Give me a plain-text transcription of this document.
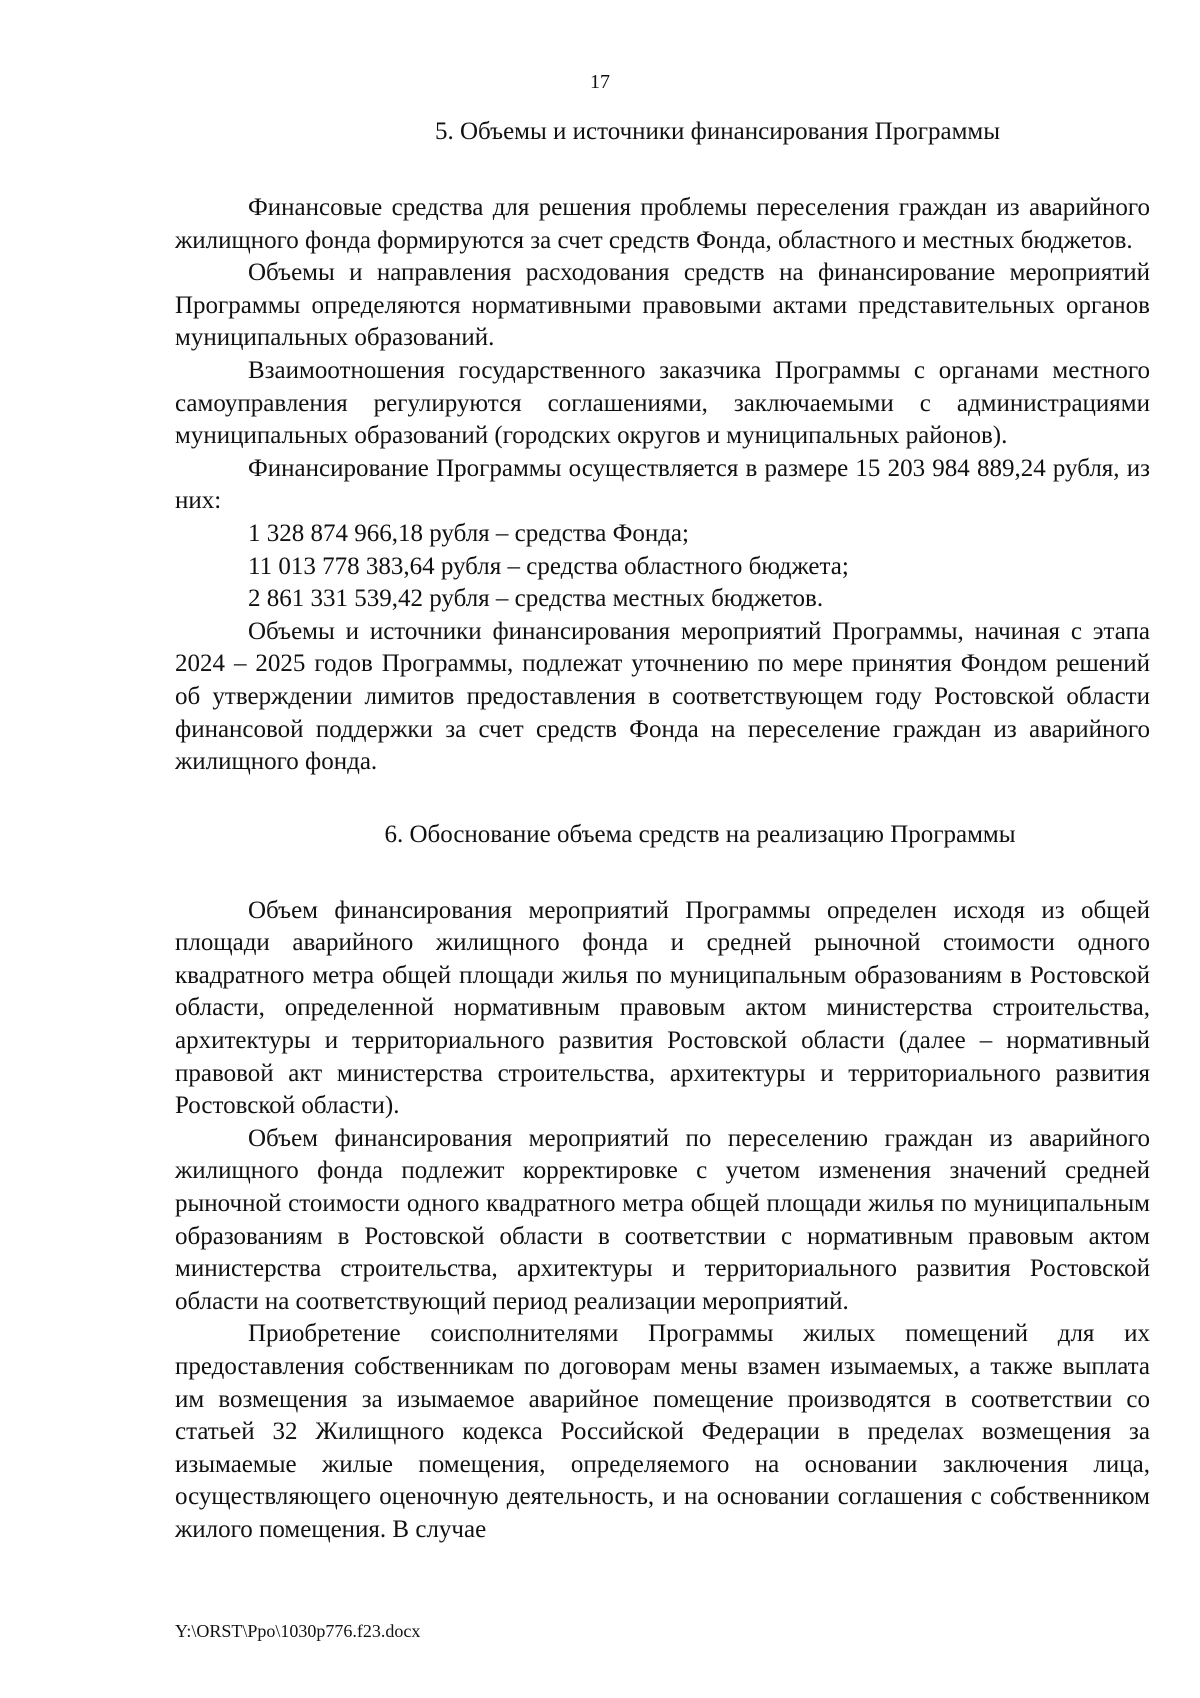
17
5. Объемы и источники финансирования Программы

Финансовые средства для решения проблемы переселения граждан из аварийного жилищного фонда формируются за счет средств Фонда, областного и местных бюджетов.

Объемы и направления расходования средств на финансирование мероприятий Программы определяются нормативными правовыми актами представительных органов муниципальных образований.

Взаимоотношения государственного заказчика Программы с органами местного самоуправления регулируются соглашениями, заключаемыми с администрациями муниципальных образований (городских округов и муниципальных районов).

Финансирование Программы осуществляется в размере 15 203 984 889,24 рубля, из них:

1 328 874 966,18 рубля – средства Фонда;

11 013 778 383,64 рубля – средства областного бюджета;

2 861 331 539,42 рубля – средства местных бюджетов.

Объемы и источники финансирования мероприятий Программы, начиная с этапа 2024 – 2025 годов Программы, подлежат уточнению по мере принятия Фондом решений об утверждении лимитов предоставления в соответствующем году Ростовской области финансовой поддержки за счет средств Фонда на переселение граждан из аварийного жилищного фонда.

6. Обоснование объема средств на реализацию Программы

Объем финансирования мероприятий Программы определен исходя из общей площади аварийного жилищного фонда и средней рыночной стоимости одного квадратного метра общей площади жилья по муниципальным образованиям в Ростовской области, определенной нормативным правовым актом министерства строительства, архитектуры и территориального развития Ростовской области (далее – нормативный правовой акт министерства строительства, архитектуры и территориального развития Ростовской области).

Объем финансирования мероприятий по переселению граждан из аварийного жилищного фонда подлежит корректировке с учетом изменения значений средней рыночной стоимости одного квадратного метра общей площади жилья по муниципальным образованиям в Ростовской области в соответствии с нормативным правовым актом министерства строительства, архитектуры и территориального развития Ростовской области на соответствующий период реализации мероприятий.

Приобретение соисполнителями Программы жилых помещений для их предоставления собственникам по договорам мены взамен изымаемых, а также выплата им возмещения за изымаемое аварийное помещение производятся в соответствии со статьей 32 Жилищного кодекса Российской Федерации в пределах возмещения за изымаемые жилые помещения, определяемого на основании заключения лица, осуществляющего оценочную деятельность, и на основании соглашения с собственником жилого помещения. В случае

Y:\ORST\Ppo\1030p776.f23.docx
